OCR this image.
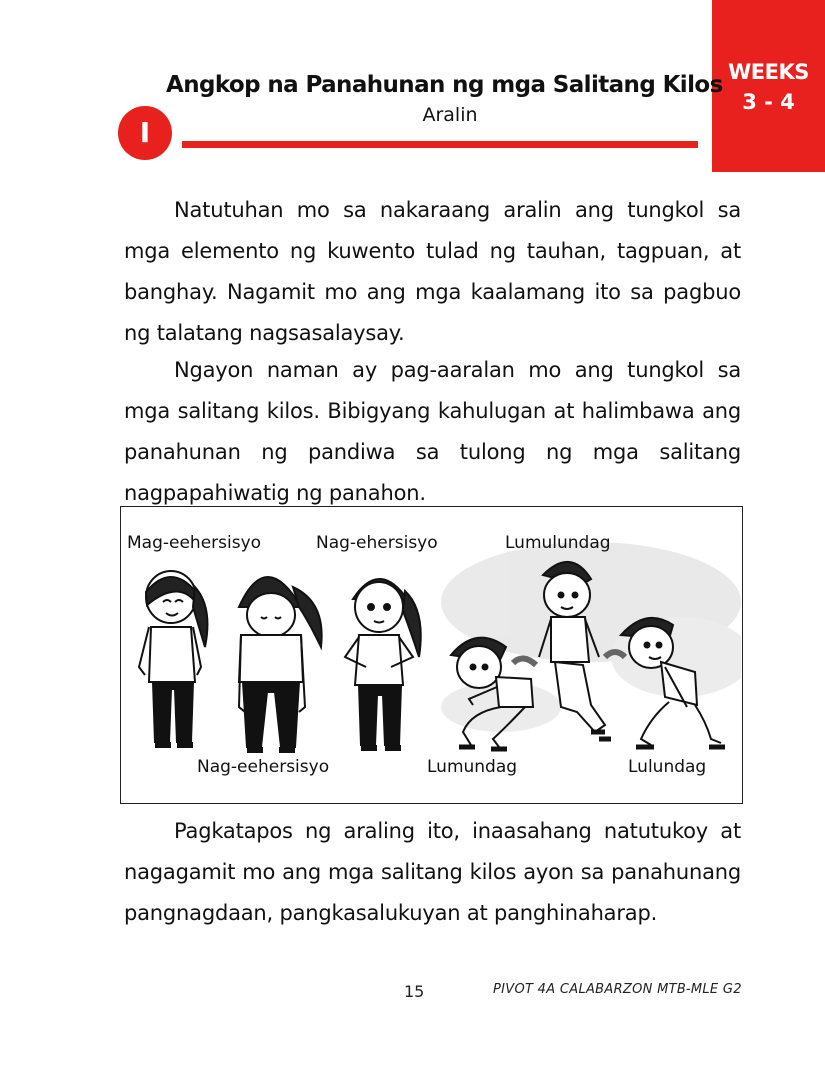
WEEKS
3 - 4
Angkop na Panahunan ng mga Salitang Kilos
Aralin
I
Natutuhan mo sa nakaraang aralin ang tungkol sa mga elemento ng kuwento tulad ng tauhan, tagpuan, at banghay. Nagamit mo ang mga kaalamang ito sa pagbuo ng talatang nagsasalaysay.
Ngayon naman ay pag-aaralan mo ang tungkol sa mga salitang kilos. Bibigyang kahulugan at halimbawa ang panahunan ng pandiwa sa tulong ng mga salitang nagpapahiwatig ng panahon.
Mag-eehersisyo	Nag-ehersisyo	Lumulundag
Nag-eehersisyo	Lumundag	Lulundag
Pagkatapos ng araling ito, inaasahang natutukoy at nagagamit mo ang mga salitang kilos ayon sa panahunang pangnagdaan, pangkasalukuyan at panghinaharap.
15	PIVOT 4A CALABARZON MTB-MLE G2
